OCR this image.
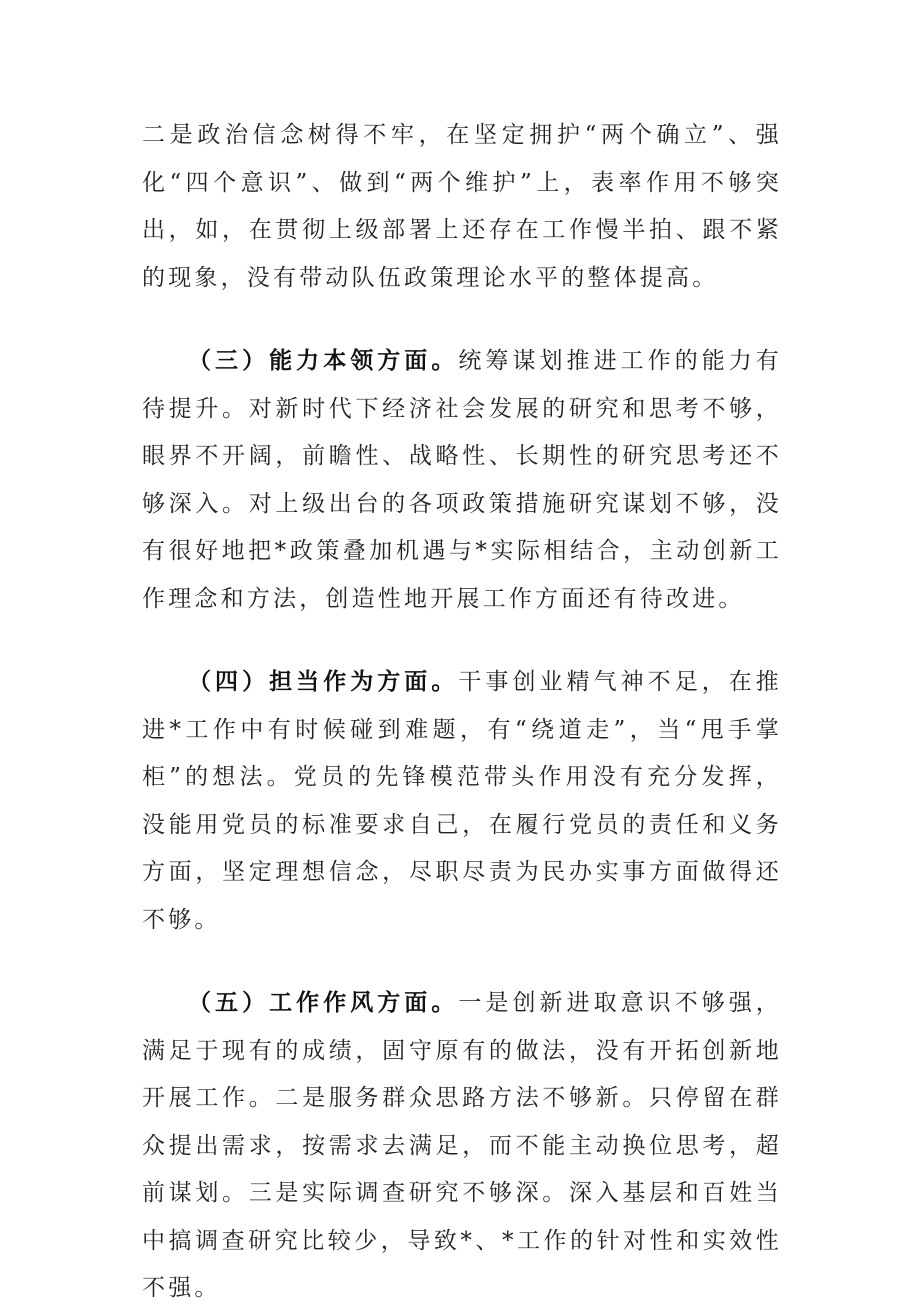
二是政治信念树得不牢，在坚定拥护“两个确立”、强化“四个意识”、做到“两个维护”上，表率作用不够突出，如，在贯彻上级部署上还存在工作慢半拍、跟不紧的现象，没有带动队伍政策理论水平的整体提高。

（三）能力本领方面。统筹谋划推进工作的能力有待提升。对新时代下经济社会发展的研究和思考不够，眼界不开阔，前瞻性、战略性、长期性的研究思考还不够深入。对上级出台的各项政策措施研究谋划不够，没有很好地把*政策叠加机遇与*实际相结合，主动创新工作理念和方法，创造性地开展工作方面还有待改进。

（四）担当作为方面。干事创业精气神不足，在推进*工作中有时候碰到难题，有“绕道走”，当“甩手掌柜”的想法。党员的先锋模范带头作用没有充分发挥，没能用党员的标准要求自己，在履行党员的责任和义务方面，坚定理想信念，尽职尽责为民办实事方面做得还不够。

（五）工作作风方面。一是创新进取意识不够强，满足于现有的成绩，固守原有的做法，没有开拓创新地开展工作。二是服务群众思路方法不够新。只停留在群众提出需求，按需求去满足，而不能主动换位思考，超前谋划。三是实际调查研究不够深。深入基层和百姓当中搞调查研究比较少，导致*、*工作的针对性和实效性不强。
